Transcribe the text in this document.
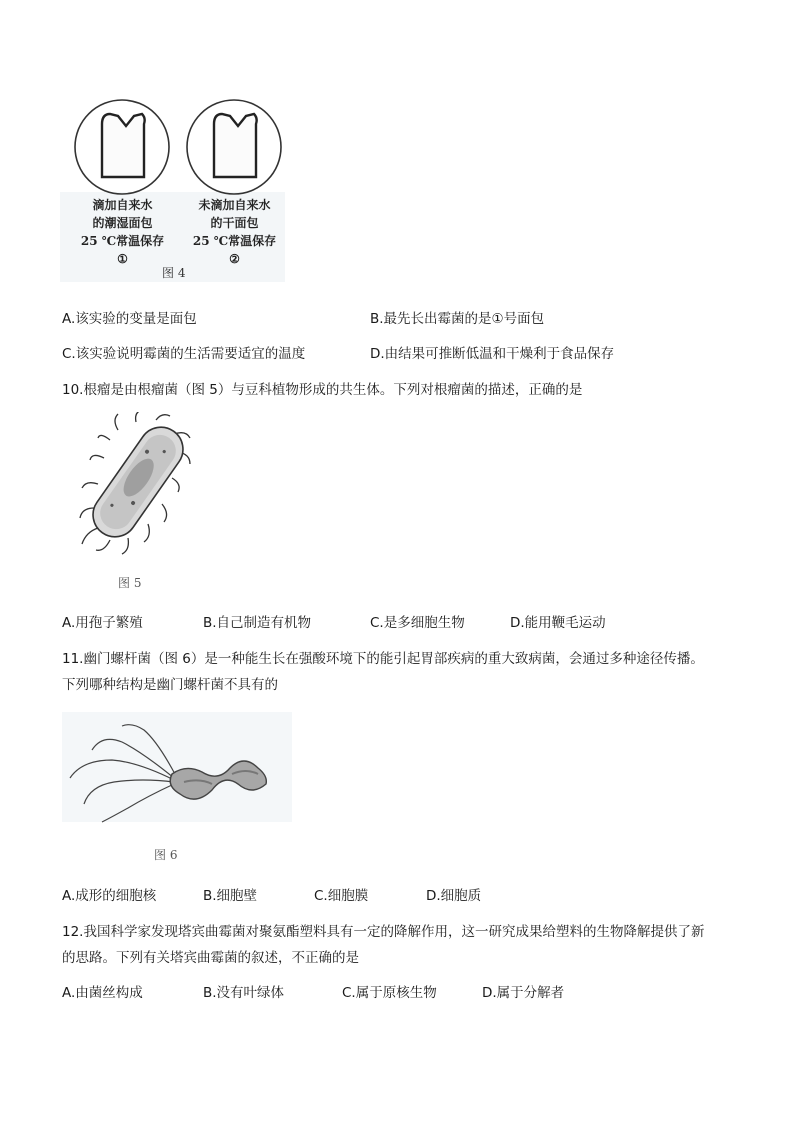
滴加自来水
的潮湿面包
25 ℃常温保存
①
未滴加自来水
的干面包
25 ℃常温保存
②
图 4
A.该实验的变量是面包	B.最先长出霉菌的是①号面包
C.该实验说明霉菌的生活需要适宜的温度	D.由结果可推断低温和干燥利于食品保存
10.根瘤是由根瘤菌（图 5）与豆科植物形成的共生体。下列对根瘤菌的描述，正确的是
图 5
A.用孢子繁殖	B.自己制造有机物	C.是多细胞生物	D.能用鞭毛运动
11.幽门螺杆菌（图 6）是一种能生长在强酸环境下的能引起胃部疾病的重大致病菌，会通过多种途径传播。
下列哪种结构是幽门螺杆菌不具有的
图 6
A.成形的细胞核	B.细胞壁	C.细胞膜	D.细胞质
12.我国科学家发现塔宾曲霉菌对聚氨酯塑料具有一定的降解作用，这一研究成果给塑料的生物降解提供了新
的思路。下列有关塔宾曲霉菌的叙述，不正确的是
A.由菌丝构成	B.没有叶绿体	C.属于原核生物	D.属于分解者
